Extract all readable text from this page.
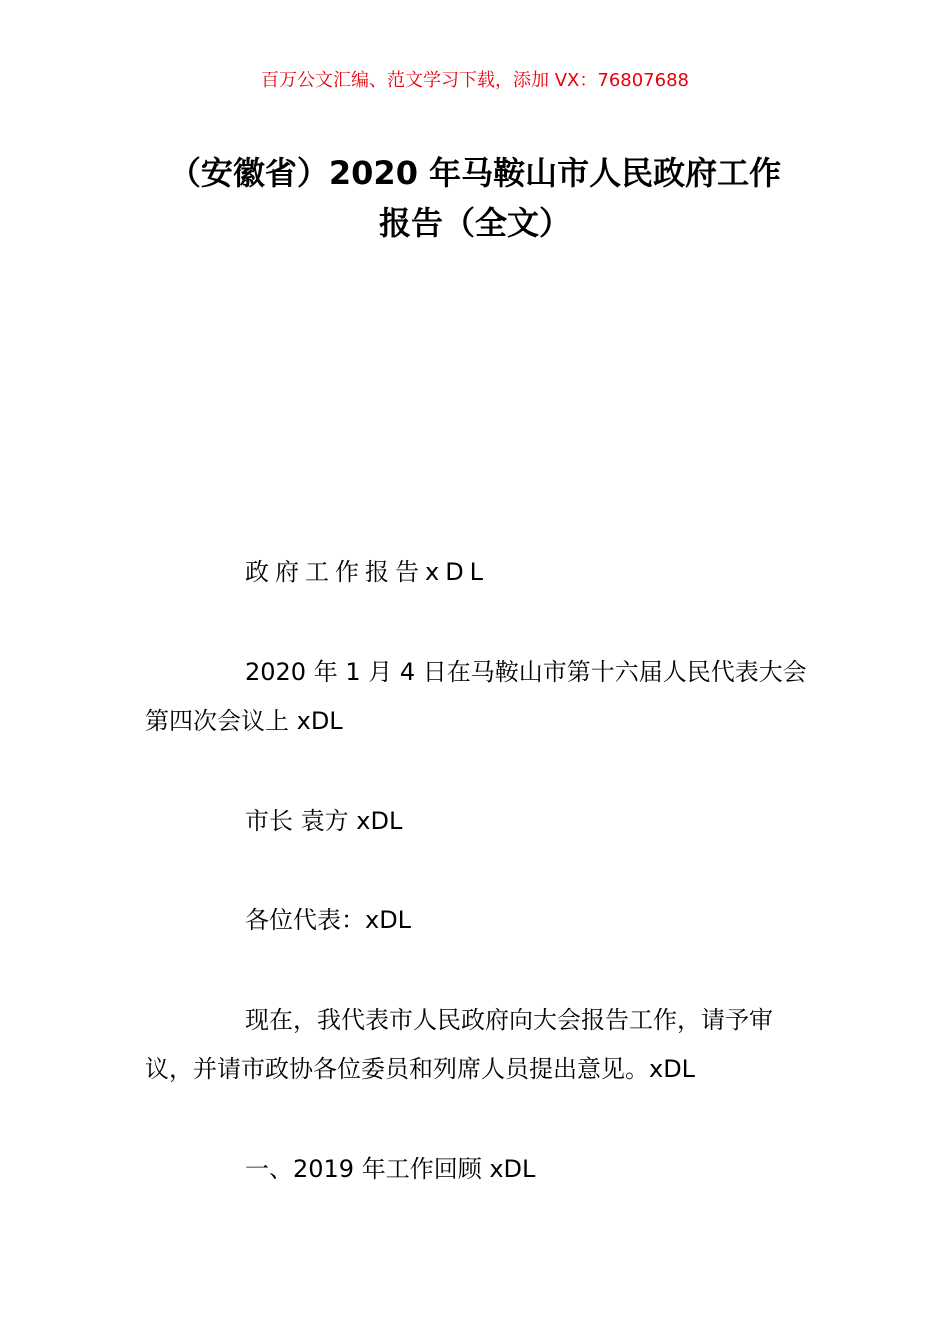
百万公文汇编、范文学习下载，添加 VX：76807688
（安徽省）2020 年马鞍山市人民政府工作
报告（全文）

政府工作报告xDL

2020 年 1 月 4 日在马鞍山市第十六届人民代表大会第四次会议上 xDL

市长 袁方 xDL

各位代表：xDL

现在，我代表市人民政府向大会报告工作，请予审议，并请市政协各位委员和列席人员提出意见。xDL

一、2019 年工作回顾 xDL
